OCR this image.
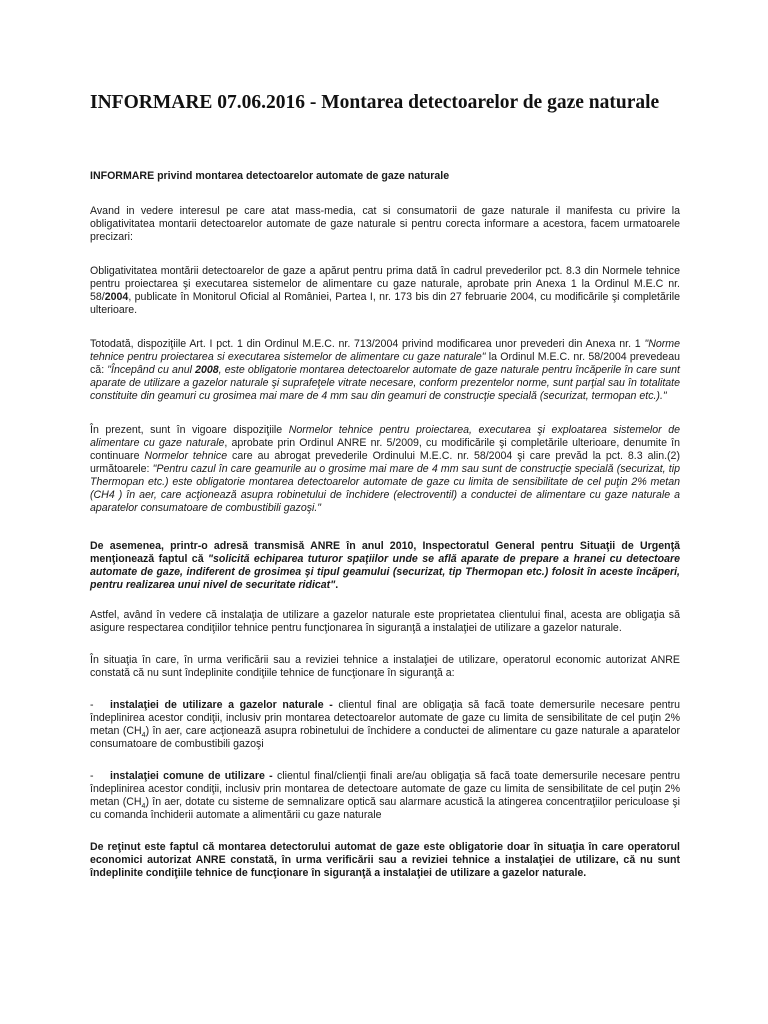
INFORMARE 07.06.2016 - Montarea detectoarelor de gaze naturale

INFORMARE privind montarea detectoarelor automate de gaze naturale

Avand in vedere interesul pe care atat mass-media, cat si consumatorii de gaze naturale il manifesta cu privire la obligativitatea montarii detectoarelor automate de gaze naturale si pentru corecta informare a acestora, facem urmatoarele precizari:

Obligativitatea montării detectoarelor de gaze a apărut pentru prima dată în cadrul prevederilor pct. 8.3 din Normele tehnice pentru proiectarea şi executarea sistemelor de alimentare cu gaze naturale, aprobate prin Anexa 1 la Ordinul M.E.C nr. 58/2004, publicate în Monitorul Oficial al României, Partea I, nr. 173 bis din 27 februarie 2004, cu modificările şi completările ulterioare.

Totodată, dispoziţiile Art. I pct. 1 din Ordinul M.E.C. nr. 713/2004 privind modificarea unor prevederi din Anexa nr. 1 "Norme tehnice pentru proiectarea si executarea sistemelor de alimentare cu gaze naturale" la Ordinul M.E.C. nr. 58/2004 prevedeau că: "Începând cu anul 2008, este obligatorie montarea detectoarelor automate de gaze naturale pentru încăperile în care sunt aparate de utilizare a gazelor naturale şi suprafeţele vitrate necesare, conform prezentelor norme, sunt parţial sau în totalitate constituite din geamuri cu grosimea mai mare de 4 mm sau din geamuri de construcţie specială (securizat, termopan etc.)."

În prezent, sunt în vigoare dispoziţiile Normelor tehnice pentru proiectarea, executarea şi exploatarea sistemelor de alimentare cu gaze naturale, aprobate prin Ordinul ANRE nr. 5/2009, cu modificările şi completările ulterioare, denumite în continuare Normelor tehnice care au abrogat prevederile Ordinului M.E.C. nr. 58/2004 şi care prevăd la pct. 8.3 alin.(2) următoarele: "Pentru cazul în care geamurile au o grosime mai mare de 4 mm sau sunt de construcţie specială (securizat, tip Thermopan etc.) este obligatorie montarea detectoarelor automate de gaze cu limita de sensibilitate de cel puţin 2% metan (CH4 ) în aer, care acţionează asupra robinetului de închidere (electroventil) a conductei de alimentare cu gaze naturale a aparatelor consumatoare de combustibili gazoşi."

De asemenea, printr-o adresă transmisă ANRE în anul 2010, Inspectoratul General pentru Situaţii de Urgenţă menţionează faptul că "solicită echiparea tuturor spaţiilor unde se află aparate de prepare a hranei cu detectoare automate de gaze, indiferent de grosimea şi tipul geamului (securizat, tip Thermopan etc.) folosit în aceste încăperi, pentru realizarea unui nivel de securitate ridicat".

Astfel, având în vedere că instalaţia de utilizare a gazelor naturale este proprietatea clientului final, acesta are obligaţia să asigure respectarea condiţiilor tehnice pentru funcţionarea în siguranţă a instalaţiei de utilizare a gazelor naturale.

În situaţia în care, în urma verificării sau a reviziei tehnice a instalaţiei de utilizare, operatorul economic autorizat ANRE constată că nu sunt îndeplinite condiţiile tehnice de funcţionare în siguranţă a:

- instalaţiei de utilizare a gazelor naturale - clientul final are obligaţia să facă toate demersurile necesare pentru îndeplinirea acestor condiţii, inclusiv prin montarea detectoarelor automate de gaze cu limita de sensibilitate de cel puţin 2% metan $(CH_4)$ în aer, care acţionează asupra robinetului de închidere a conductei de alimentare cu gaze naturale a aparatelor consumatoare de combustibili gazoşi

- instalaţiei comune de utilizare - clientul final/clienţii finali are/au obligaţia să facă toate demersurile necesare pentru îndeplinirea acestor condiţii, inclusiv prin montarea de detectoare automate de gaze cu limita de sensibilitate de cel puţin 2% metan $(CH_4)$ în aer, dotate cu sisteme de semnalizare optică sau alarmare acustică la atingerea concentraţiilor periculoase şi cu comanda închiderii automate a alimentării cu gaze naturale

De reţinut este faptul că montarea detectorului automat de gaze este obligatorie doar în situaţia în care operatorul economici autorizat ANRE constată, în urma verificării sau a reviziei tehnice a instalaţiei de utilizare, că nu sunt îndeplinite condiţiile tehnice de funcţionare în siguranţă a instalaţiei de utilizare a gazelor naturale.
